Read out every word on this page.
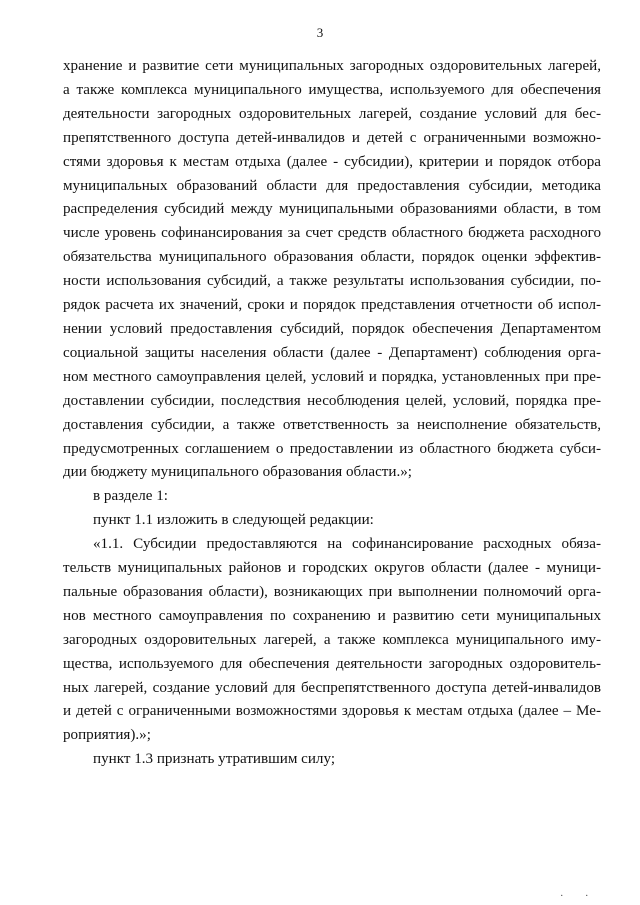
3
хранение и развитие сети муниципальных загородных оздоровительных лагерей,
а также комплекса муниципального имущества, используемого для обеспечения
деятельности загородных оздоровительных лагерей, создание условий для бес-
препятственного доступа детей-инвалидов и детей с ограниченными возможно-
стями здоровья к местам отдыха (далее - субсидии), критерии и порядок отбора
муниципальных образований области для предоставления субсидии, методика
распределения субсидий между муниципальными образованиями области, в том
числе уровень софинансирования за счет средств областного бюджета расходного
обязательства муниципального образования области, порядок оценки эффектив-
ности использования субсидий, а также результаты использования субсидии, по-
рядок расчета их значений, сроки и порядок представления отчетности об испол-
нении условий предоставления субсидий, порядок обеспечения Департаментом
социальной защиты населения области (далее - Департамент) соблюдения орга-
ном местного самоуправления целей, условий и порядка, установленных при пре-
доставлении субсидии, последствия несоблюдения целей, условий, порядка пре-
доставления субсидии, а также ответственность за неисполнение обязательств,
предусмотренных соглашением о предоставлении из областного бюджета субси-
дии бюджету муниципального образования области.»;
в разделе 1:
пункт 1.1 изложить в следующей редакции:
«1.1. Субсидии предоставляются на софинансирование расходных обяза-
тельств муниципальных районов и городских округов области (далее - муници-
пальные образования области), возникающих при выполнении полномочий орга-
нов местного самоуправления по сохранению и развитию сети муниципальных
загородных оздоровительных лагерей, а также комплекса муниципального иму-
щества, используемого для обеспечения деятельности загородных оздоровитель-
ных лагерей, создание условий для беспрепятственного доступа детей-инвалидов
и детей с ограниченными возможностями здоровья к местам отдыха (далее – Ме-
роприятия).»;
пункт 1.3 признать утратившим силу;
. .
